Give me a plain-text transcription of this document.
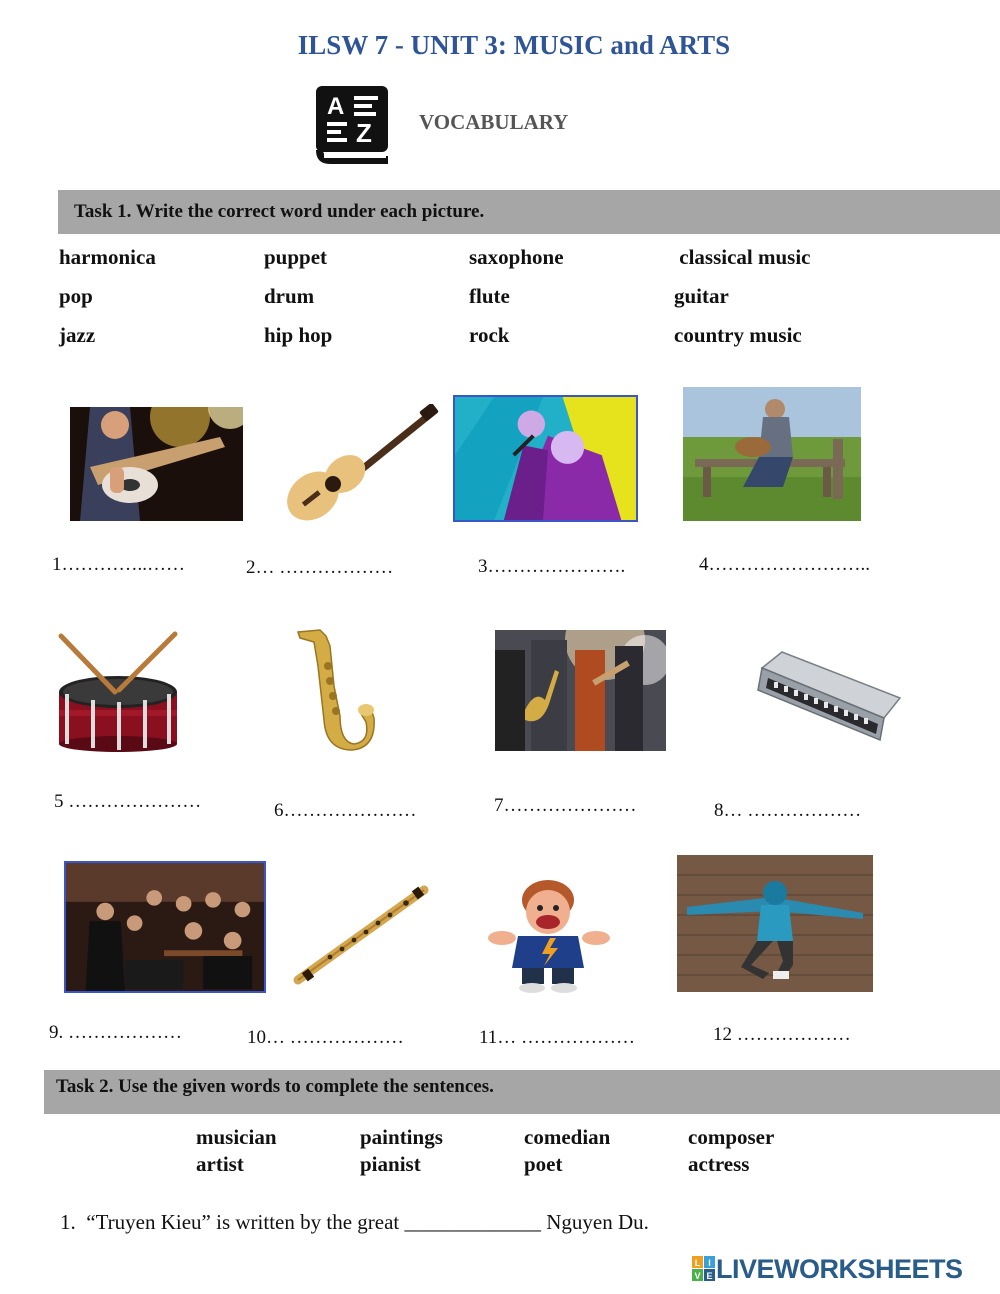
ILSW 7 - UNIT 3: MUSIC and ARTS
A
Z VOCABULARY
Task 1. Write the correct word under each picture.
harmonica	puppet	saxophone	classical music
pop	drum	flute	guitar
jazz	hip hop	rock	country music
1…………..……	2… ………………	3………………….	4……………………..
5 …………………	6…………………	7…………………	8… ………………
9. ………………	10… ………………	11… ………………	12 ………………
Task 2. Use the given words to complete the sentences.
musician	paintings	comedian	composer
artist	pianist	poet	actress
1.  “Truyen Kieu” is written by the great _____________ Nguyen Du.
L I
V E LIVEWORKSHEETS
